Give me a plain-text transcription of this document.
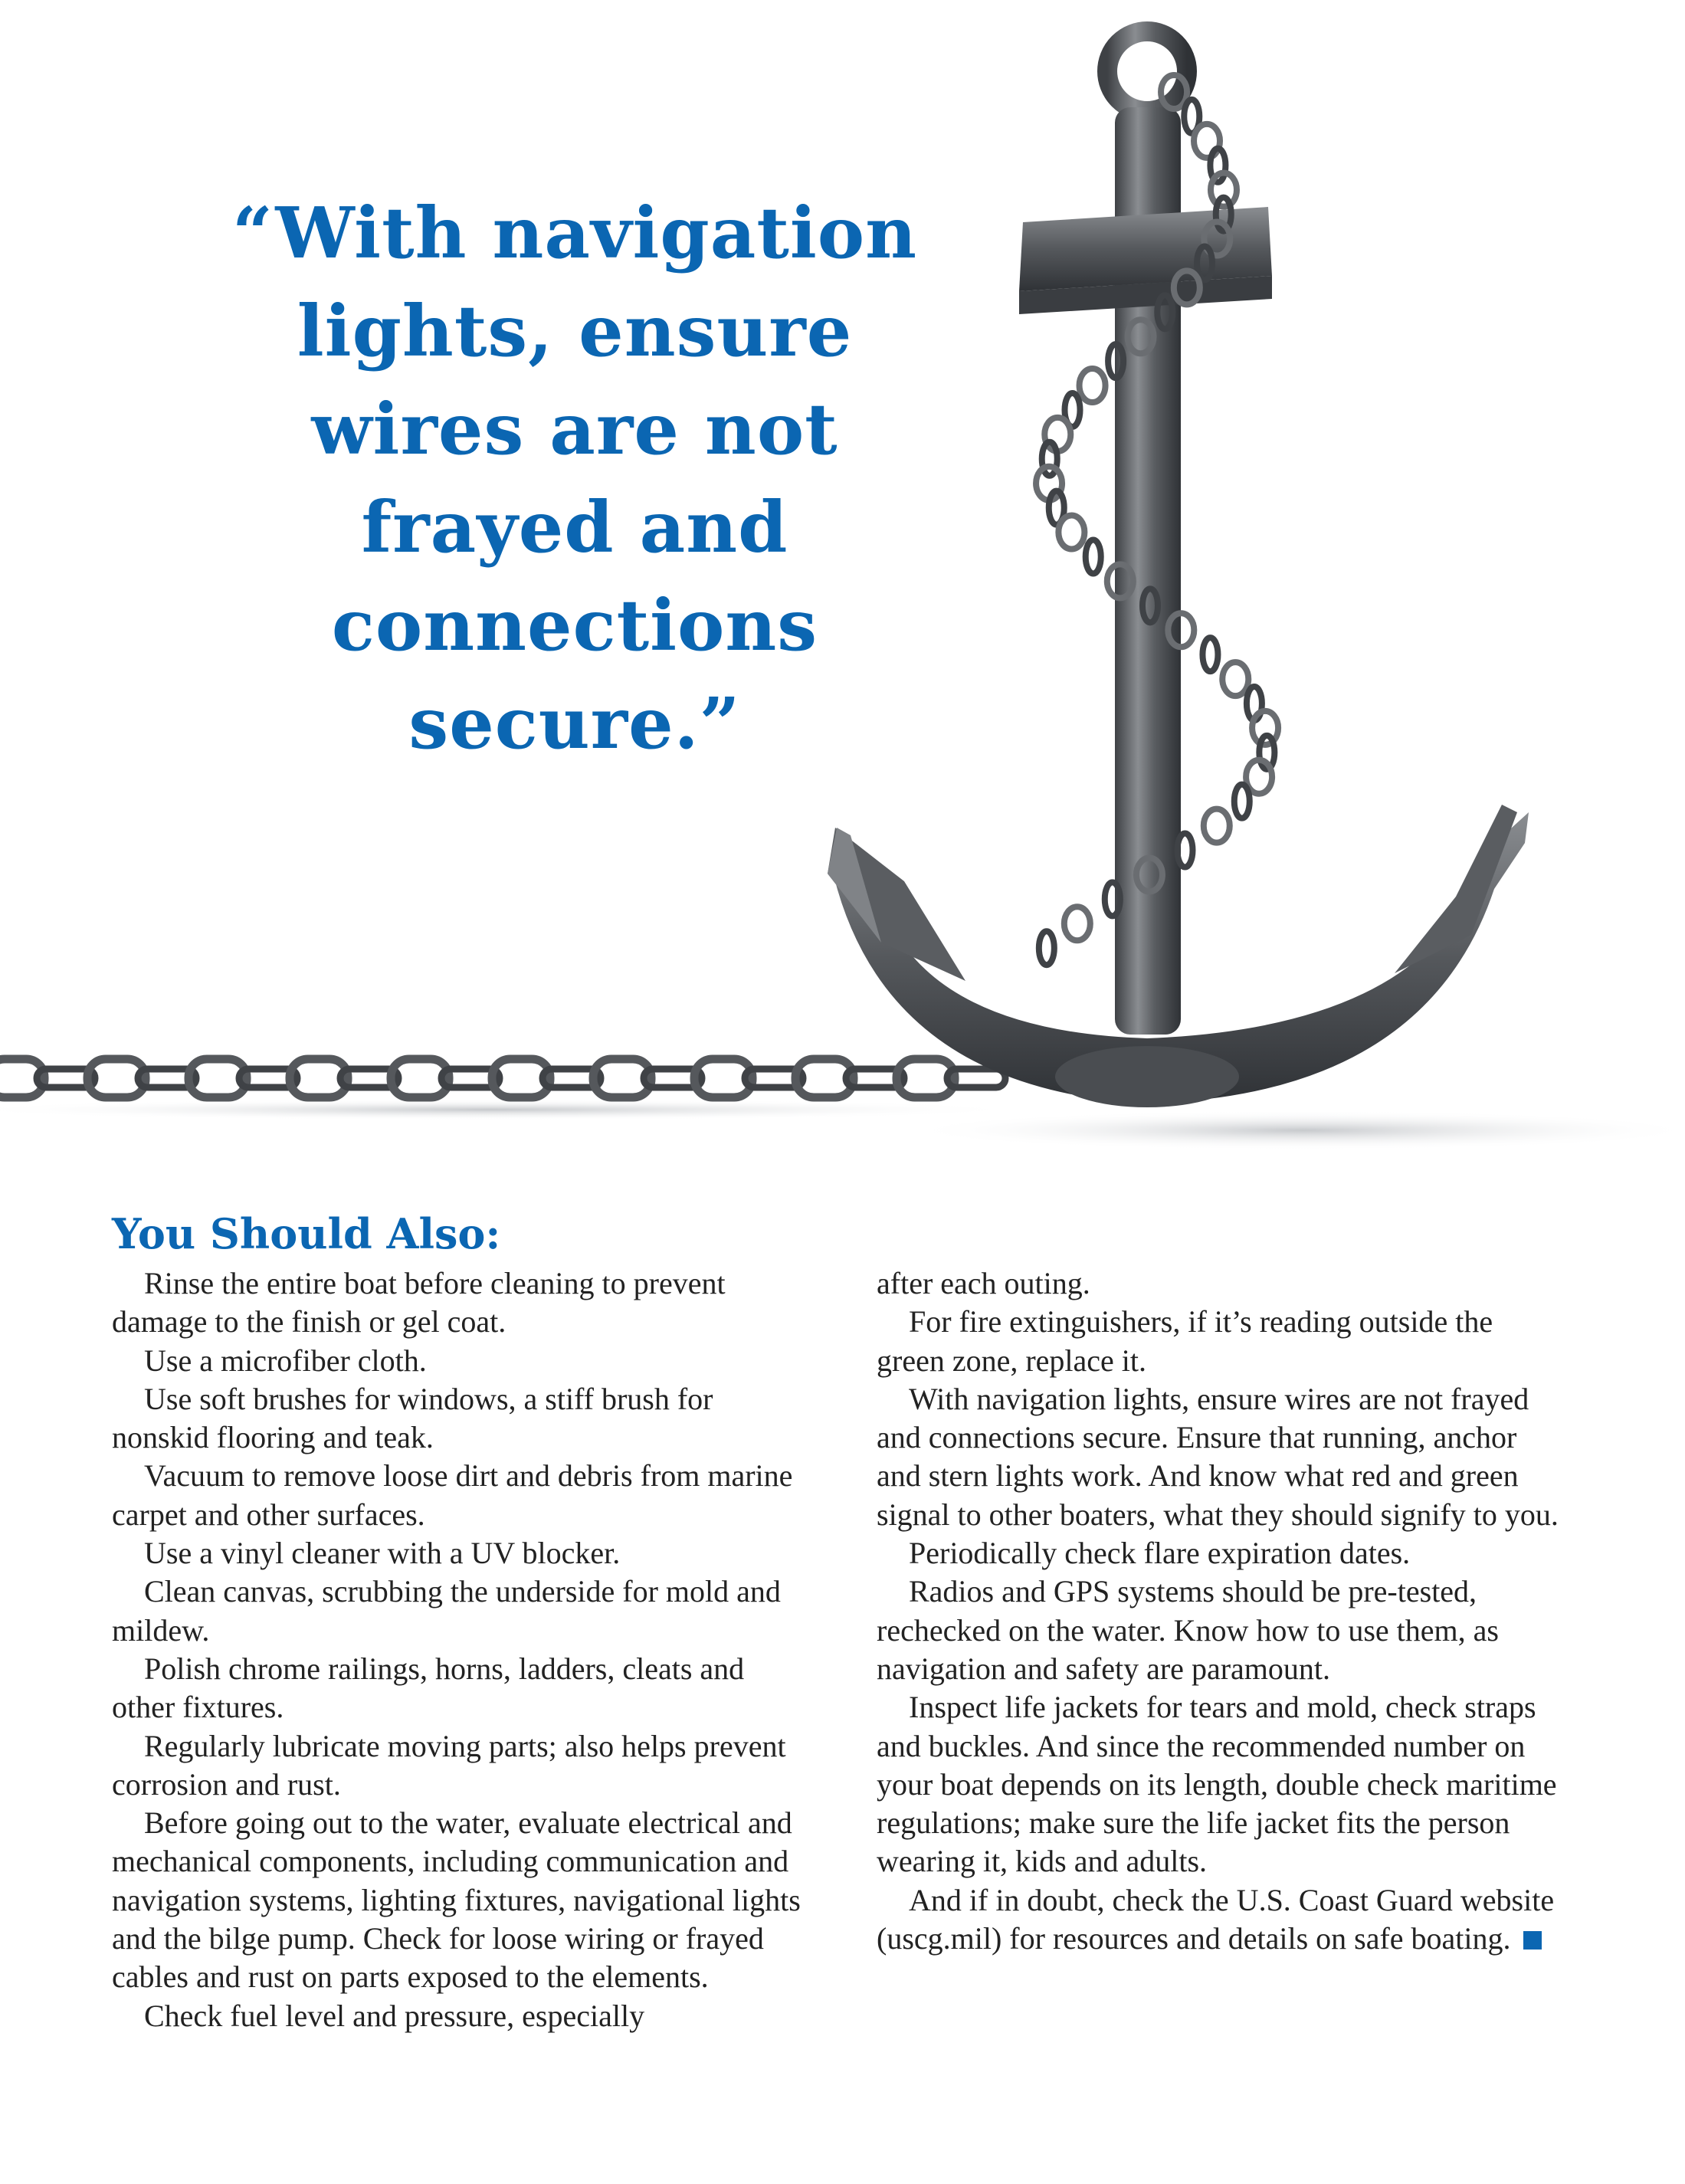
“With navigation lights, ensure wires are not frayed and connections secure.”
You Should Also:

Rinse the entire boat before cleaning to prevent damage to the finish or gel coat.

Use a microfiber cloth.

Use soft brushes for windows, a stiff brush for nonskid flooring and teak.

Vacuum to remove loose dirt and debris from marine carpet and other surfaces.

Use a vinyl cleaner with a UV blocker.

Clean canvas, scrubbing the underside for mold and mildew.

Polish chrome railings, horns, ladders, cleats and other fixtures.

Regularly lubricate moving parts; also helps prevent corrosion and rust.

Before going out to the water, evaluate electrical and mechanical components, including communication and navigation systems, lighting fixtures, navigational lights and the bilge pump. Check for loose wiring or frayed cables and rust on parts exposed to the elements.

Check fuel level and pressure, especially

after each outing.

For fire extinguishers, if it’s reading outside the green zone, replace it.

With navigation lights, ensure wires are not frayed and connections secure. Ensure that running, anchor and stern lights work. And know what red and green signal to other boaters, what they should signify to you.

Periodically check flare expiration dates.

Radios and GPS systems should be pre-tested, rechecked on the water. Know how to use them, as navigation and safety are paramount.

Inspect life jackets for tears and mold, check straps and buckles. And since the recommended number on your boat depends on its length, double check maritime regulations; make sure the life jacket fits the person wearing it, kids and adults.

And if in doubt, check the U.S. Coast Guard website (uscg.mil) for resources and details on safe boating.
